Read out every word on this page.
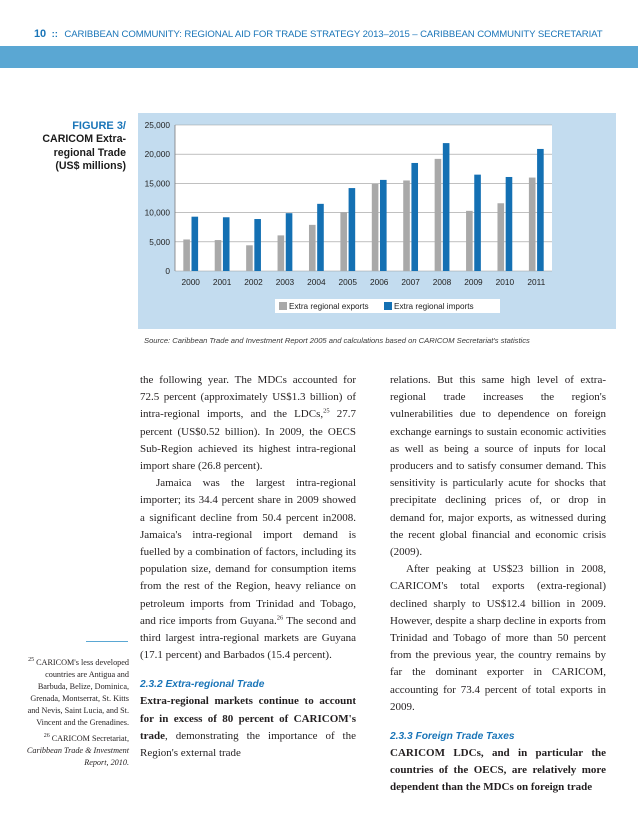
10 :: CARIBBEAN COMMUNITY: REGIONAL AID FOR TRADE STRATEGY 2013–2015 – CARIBBEAN COMMUNITY SECRETARIAT
FIGURE 3/
CARICOM Extra-
regional Trade
(US$ millions)
0
5,000
10,000
15,000
20,000
25,000
2000 2001 2002 2003 2004 2005 2006 2007 2008 2009 2010 2011
Extra regional exports	Extra regional imports
Source: Caribbean Trade and Investment Report 2005 and calculations based on CARICOM Secretariat's statistics

the following year. The MDCs accounted for 72.5 percent (approximately US$1.3 billion) of intra-regional imports, and the LDCs,$^{25}$ 27.7 percent (US$0.52 billion). In 2009, the OECS Sub-Region achieved its highest intra-regional import share (26.8 percent).

Jamaica was the largest intra-regional importer; its 34.4 percent share in 2009 showed a significant decline from 50.4 percent in2008. Jamaica's intra-regional import demand is fuelled by a combination of factors, including its population size, demand for consumption items from the rest of the Region, heavy reliance on petroleum imports from Trinidad and Tobago, and rice imports from Guyana.$^{26}$ The second and third largest intra-regional markets are Guyana (17.1 percent) and Barbados (15.4 percent).

2.3.2 Extra-regional Trade

Extra-regional markets continue to account for in excess of 80 percent of CARICOM's trade, demonstrating the importance of the Region's external trade

relations. But this same high level of extra-regional trade increases the region's vulnerabilities due to dependence on foreign exchange earnings to sustain economic activities as well as being a source of inputs for local producers and to satisfy consumer demand. This sensitivity is particularly acute for shocks that precipitate declining prices of, or drop in demand for, major exports, as witnessed during the recent global financial and economic crisis (2009).

After peaking at US$23 billion in 2008, CARICOM's total exports (extra-regional) declined sharply to US$12.4 billion in 2009. However, despite a sharp decline in exports from Trinidad and Tobago of more than 50 percent from the previous year, the country remains by far the dominant exporter in CARICOM, accounting for 73.4 percent of total exports in 2009.

2.3.3 Foreign Trade Taxes

CARICOM LDCs, and in particular the countries of the OECS, are relatively more dependent than the MDCs on foreign trade

$^{25}$ CARICOM's less developed countries are Antigua and Barbuda, Belize, Dominica, Grenada, Montserrat, St. Kitts and Nevis, Saint Lucia, and St. Vincent and the Grenadines.

$^{26}$ CARICOM Secretariat, Caribbean Trade & Investment Report, 2010.
